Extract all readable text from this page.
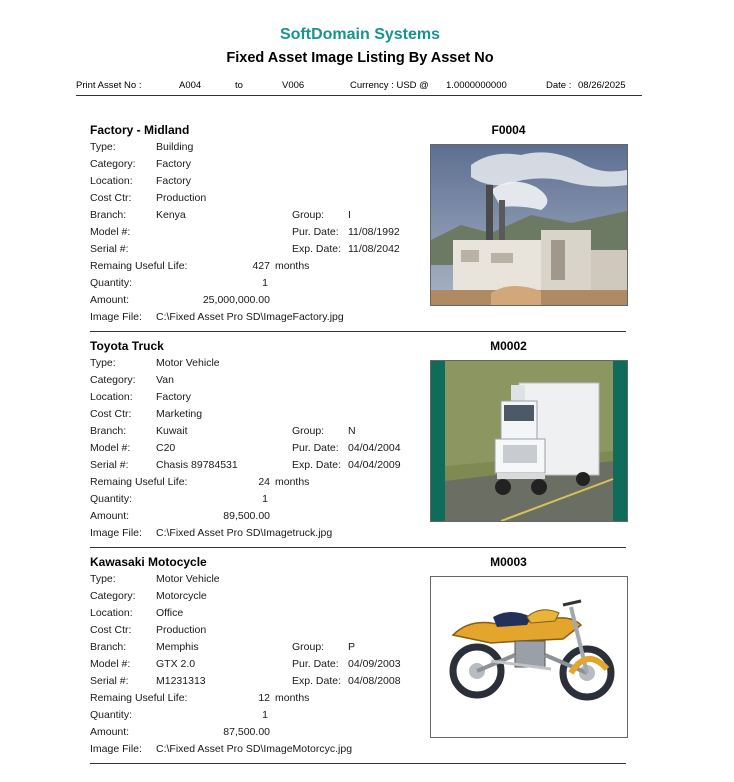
SoftDomain Systems
Fixed Asset Image Listing By Asset No
Print Asset No :	A004	to	V006	Currency : USD @ 1.0000000000	Date : 08/26/2025
Factory - Midland	F0004
Type:	Building
Category: Factory
Location: Factory
Cost Ctr: Production
Branch:	Kenya
Model #:
Serial #:
Group: I
Pur. Date: 11/08/1992
Exp. Date: 11/08/2042
Remaing Useful Life:	427 months
Quantity:	1
Amount:	25,000,000.00
Image File: C:\Fixed Asset Pro SD\ImageFactory.jpg
Toyota Truck	M0002
Type:	Motor Vehicle
Category: Van
Location: Factory
Cost Ctr: Marketing
Branch:	Kuwait
Model #: C20
Serial #:	Chasis 89784531
Group: N
Pur. Date: 04/04/2004
Exp. Date: 04/04/2009
Remaing Useful Life:	24 months
Quantity:	1
Amount:	89,500.00
Image File: C:\Fixed Asset Pro SD\Imagetruck.jpg
Kawasaki Motocycle	M0003
Type:	Motor Vehicle
Category: Motorcycle
Location: Office
Cost Ctr: Production
Branch:	Memphis
Model #: GTX 2.0
Serial #:	M1231313
Group: P
Pur. Date: 04/09/2003
Exp. Date: 04/08/2008
Remaing Useful Life:	12 months
Quantity:	1
Amount:	87,500.00
Image File: C:\Fixed Asset Pro SD\ImageMotorcyc.jpg
